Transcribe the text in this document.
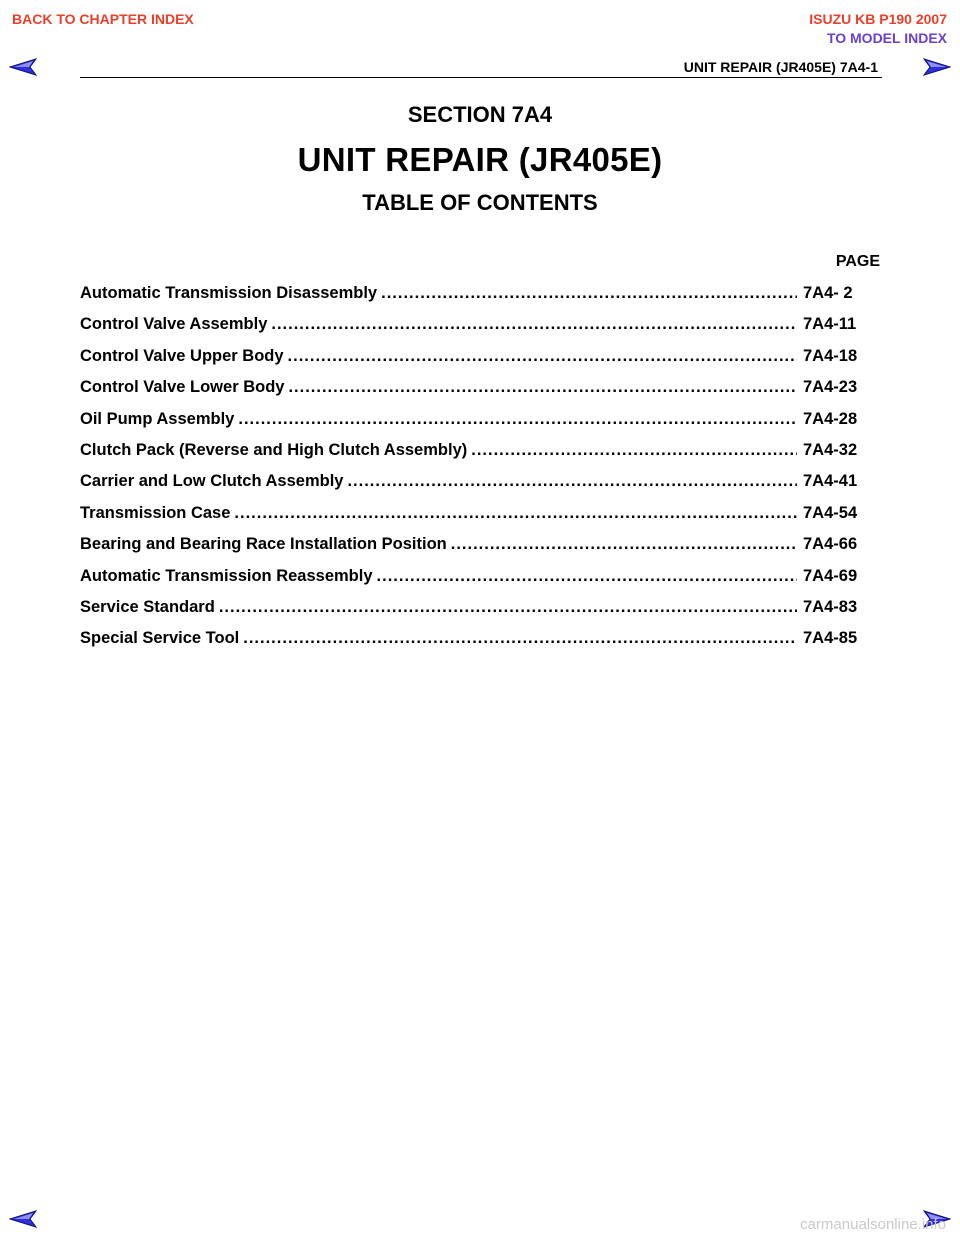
BACK TO CHAPTER INDEX	ISUZU KB P190 2007
TO MODEL INDEX
UNIT REPAIR (JR405E) 7A4-1
SECTION 7A4
UNIT REPAIR (JR405E)
TABLE OF CONTENTS
PAGE
Automatic Transmission Disassembly .....	7A4- 2
Control Valve Assembly .....	7A4-11
Control Valve Upper Body .....	7A4-18
Control Valve Lower Body .....	7A4-23
Oil Pump Assembly .....	7A4-28
Clutch Pack (Reverse and High Clutch Assembly) .....	7A4-32
Carrier and Low Clutch Assembly .....	7A4-41
Transmission Case .....	7A4-54
Bearing and Bearing Race Installation Position .....	7A4-66
Automatic Transmission Reassembly .....	7A4-69
Service Standard .....	7A4-83
Special Service Tool .....	7A4-85
carmanualsonline.info
